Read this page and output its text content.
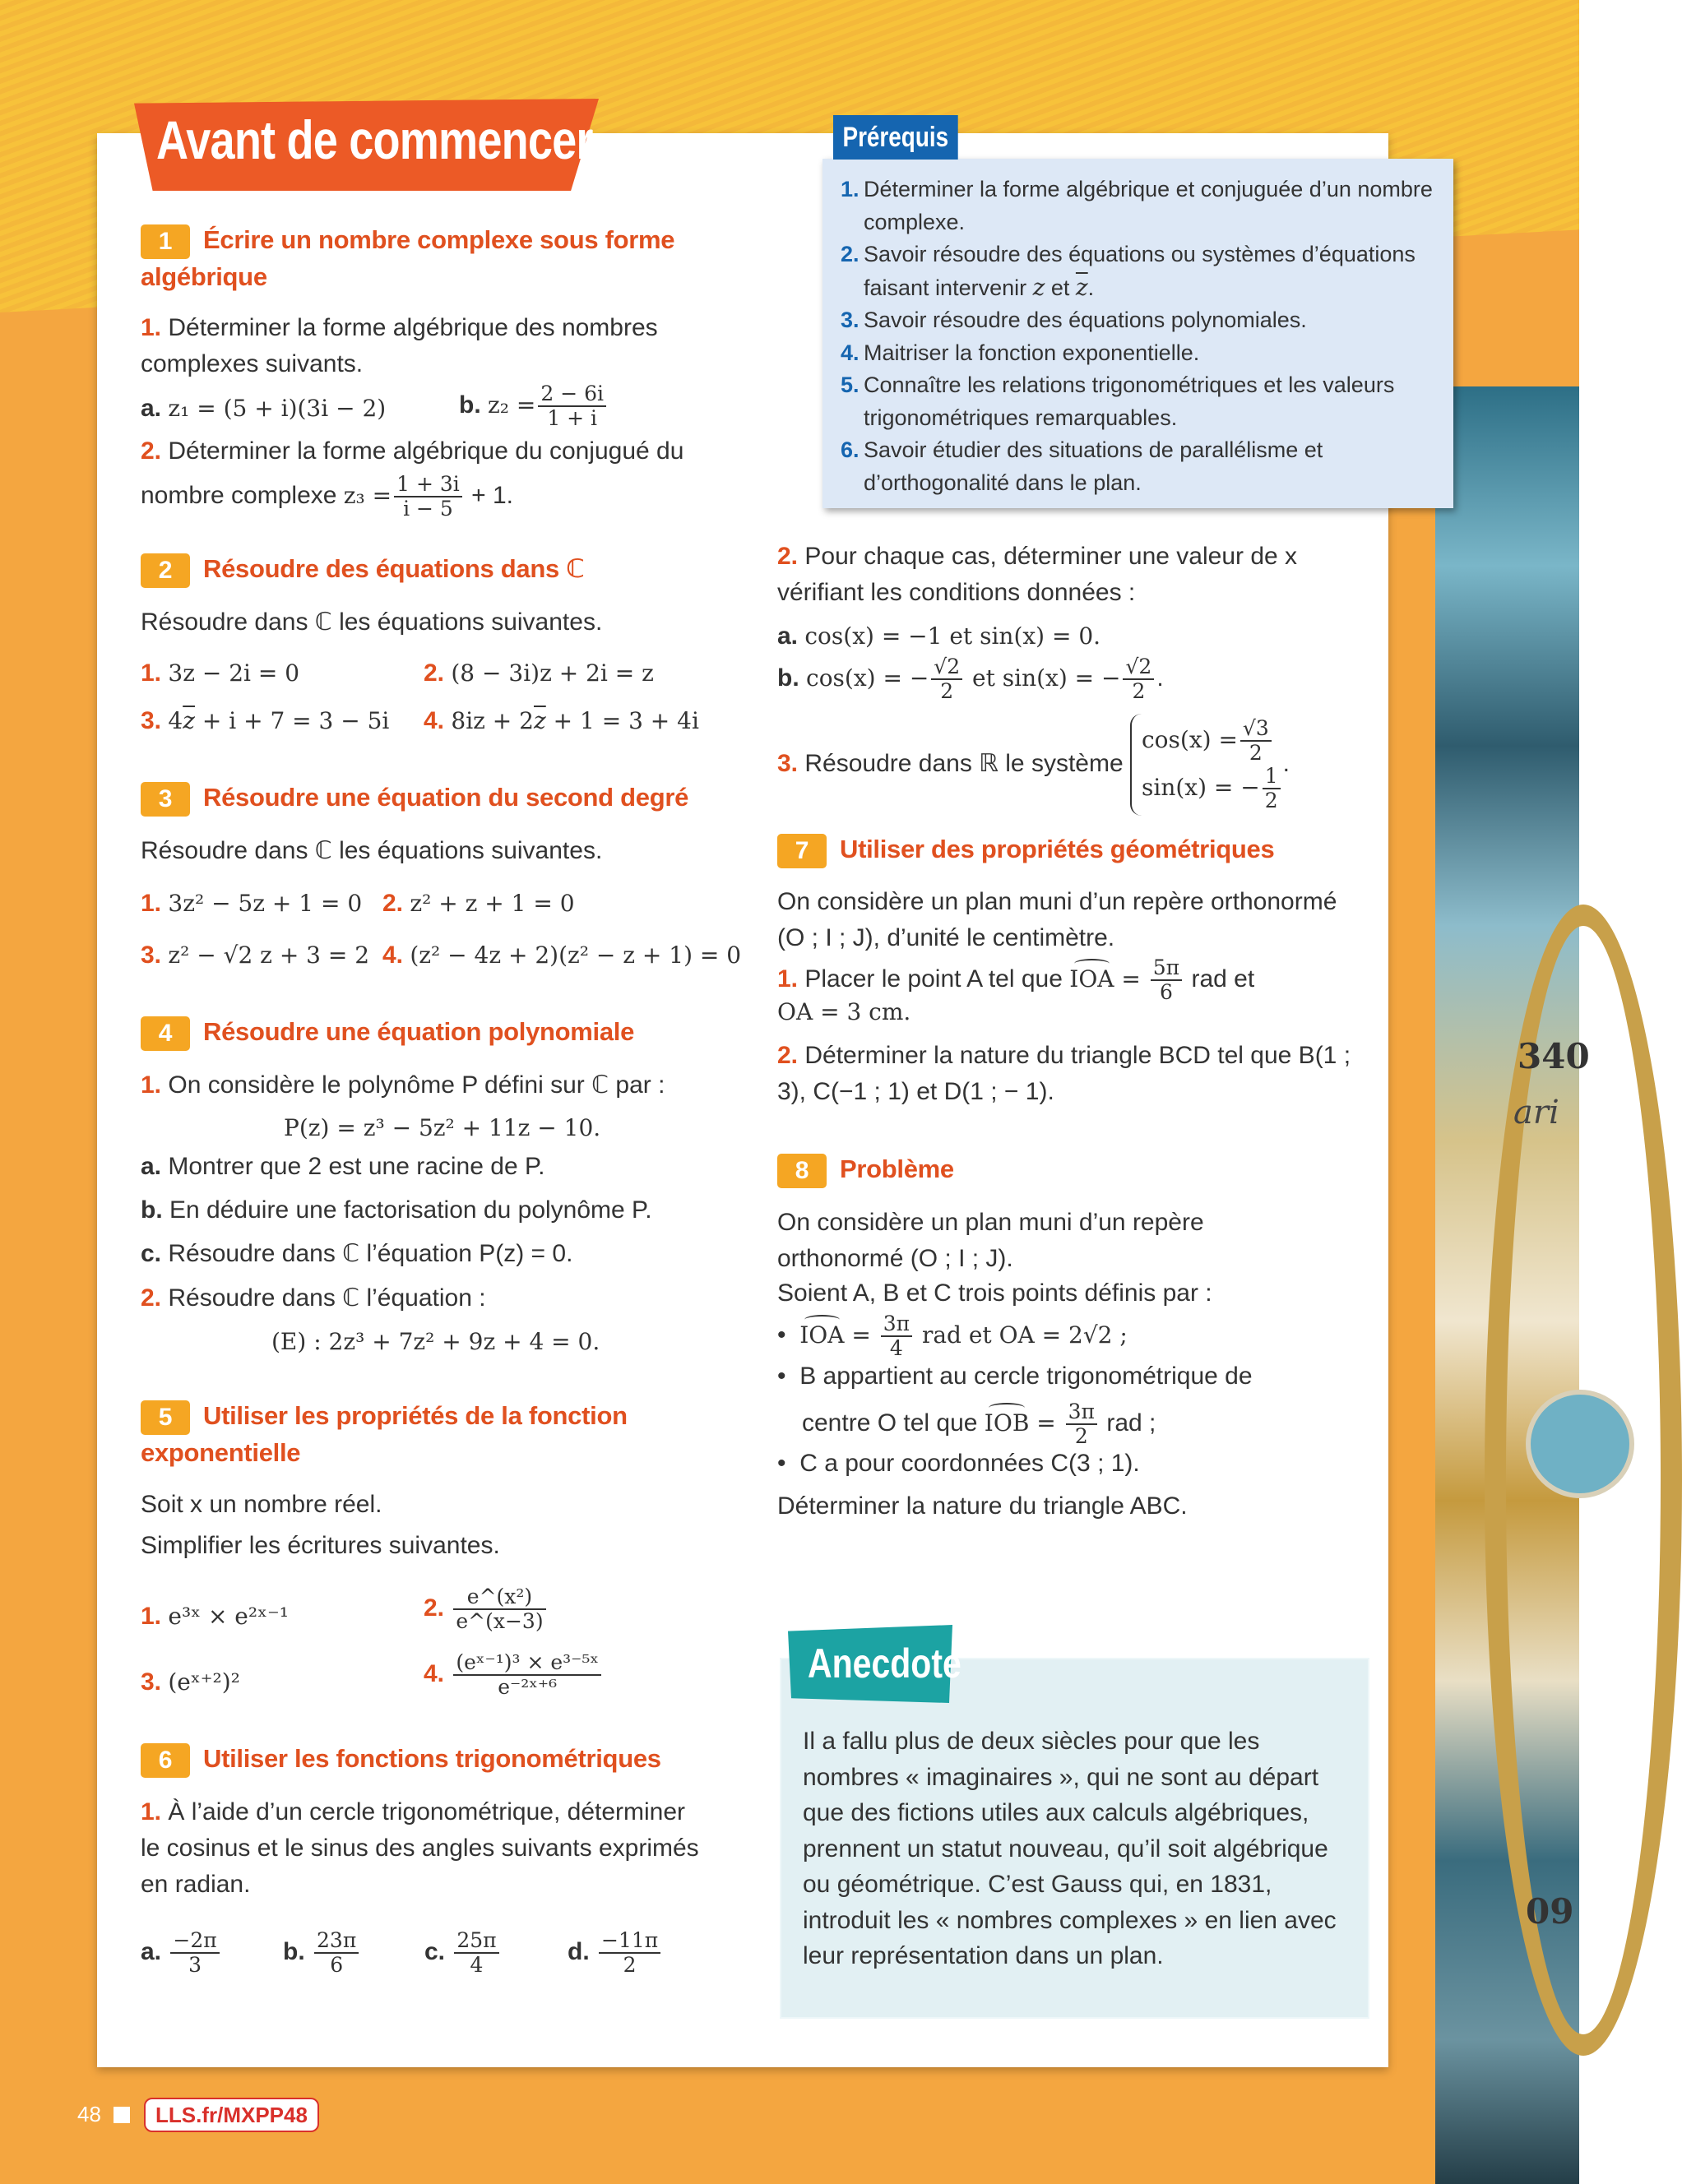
340
ari
09
Avant de commencer
1. Déterminer la forme algébrique et conjuguée d’un nombre complexe.
2. Savoir résoudre des équations ou systèmes d’équations faisant intervenir z et $\overline{z}$.
3. Savoir résoudre des équations polynomiales.
4. Maitriser la fonction exponentielle.
5. Connaître les relations trigonométriques et les valeurs trigonométriques remarquables.
6. Savoir étudier des situations de parallélisme et d’orthogonalité dans le plan.
Prérequis
1 Écrire un nombre complexe sous forme algébrique
1. Déterminer la forme algébrique des nombres complexes suivants.
a. z₁ = (5 + i)(3i − 2)	b. $z_2 = \frac{2 - 6i}{1 + i}$
2. Déterminer la forme algébrique du conjugué du
nombre complexe $z_3 = \frac{1 + 3i}{i - 5} + 1$.
2 Résoudre des équations dans ℂ
Résoudre dans ℂ les équations suivantes.
1. 3z − 2i = 0	2. (8 − 3i)z + 2i = z
3. $4\overline{z} + i + 7 = 3 - 5i$ 4. $8iz + 2\overline{z} + 1 = 3 + 4i$
3 Résoudre une équation du second degré
Résoudre dans ℂ les équations suivantes.
1. 3z² − 5z + 1 = 0 2. z² + z + 1 = 0
3. z² − √2 z + 3 = 2 4. (z² − 4z + 2)(z² − z + 1) = 0
4 Résoudre une équation polynomiale
1. On considère le polynôme P défini sur ℂ par :
P(z) = z³ − 5z² + 11z − 10.
a. Montrer que 2 est une racine de P.
b. En déduire une factorisation du polynôme P.
c. Résoudre dans ℂ l’équation P(z) = 0.
2. Résoudre dans ℂ l’équation :
(E) : 2z³ + 7z² + 9z + 4 = 0.
5 Utiliser les propriétés de la fonction exponentielle
Soit x un nombre réel.
Simplifier les écritures suivantes.
1. e³ˣ × e²ˣ⁻¹	2. $\frac{\text{e\textasciicircum{}(x²)}}{e\^{}(x-3)}$
3. (eˣ⁺²)²	4. $\frac{\text{(eˣ⁻¹)³ × e³⁻⁵ˣ}}{\text{e⁻²ˣ⁺⁶}}$
6 Utiliser les fonctions trigonométriques
1. À l’aide d’un cercle trigonométrique, déterminer le cosinus et le sinus des angles suivants exprimés en radian.
a. $\frac{-2\pi}{3}$	b. $\frac{23\pi}{6}$	c. $\frac{25\pi}{4}$	d. $\frac{-11\pi}{2}$
2. Pour chaque cas, déterminer une valeur de x vérifiant les conditions données :
a. cos(x) = −1 et sin(x) = 0.
b. cos(x) = − $\frac{√2}{2}$ et sin(x) = − $\frac{√2}{2}$ .
3. Résoudre dans ℝ le système
$\cos(x) = \frac{√3}{2}$
sin(x) = − $\frac{1}{2}$
.
7 Utiliser des propriétés géométriques
On considère un plan muni d’un repère orthonormé (O ; I ; J), d’unité le centimètre.
1. Placer le point A tel que IOA = $\frac{5\pi}{6}$ rad et
OA = 3 cm.
2. Déterminer la nature du triangle BCD tel que B(1 ; 3), C(−1 ; 1) et D(1 ; − 1).
8 Problème
On considère un plan muni d’un repère orthonormé (O ; I ; J).
Soient A, B et C trois points définis par :
•  IOA = $\frac{3\pi}{4}$ rad et OA = 2√2 ;
•  B appartient au cercle trigonométrique de
centre O tel que IOB = $\frac{3\pi}{2}$ rad ;
•  C a pour coordonnées C(3 ; 1).
Déterminer la nature du triangle ABC.
Anecdote
Il a fallu plus de deux siècles pour que les nombres « imaginaires », qui ne sont au départ que des fictions utiles aux calculs algébriques, prennent un statut nouveau, qu’il soit algébrique ou géométrique. C’est Gauss qui, en 1831, introduit les « nombres complexes » en lien avec leur représentation dans un plan.
48	LLS.fr/MXPP48
